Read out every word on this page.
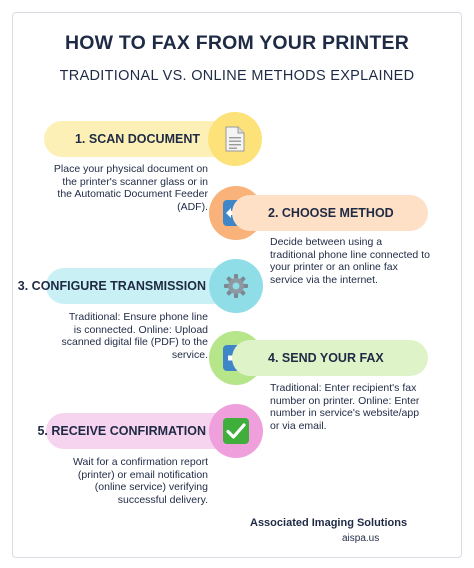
HOW TO FAX FROM YOUR PRINTER
TRADITIONAL VS. ONLINE METHODS EXPLAINED
1. SCAN DOCUMENT
Place your physical document on the printer's scanner glass or in the Automatic Document Feeder (ADF).	2. CHOOSE METHOD
Decide between using a traditional phone line connected to your printer or an online fax service via the internet.
3. CONFIGURE TRANSMISSION
Traditional: Ensure phone line is connected. Online: Upload scanned digital file (PDF) to the service.	4. SEND YOUR FAX
Traditional: Enter recipient's fax number on printer. Online: Enter number in service's website/app or via email.
5. RECEIVE CONFIRMATION
Wait for a confirmation report (printer) or email notification (online service) verifying successful delivery.
Associated Imaging Solutions
aispa.us
